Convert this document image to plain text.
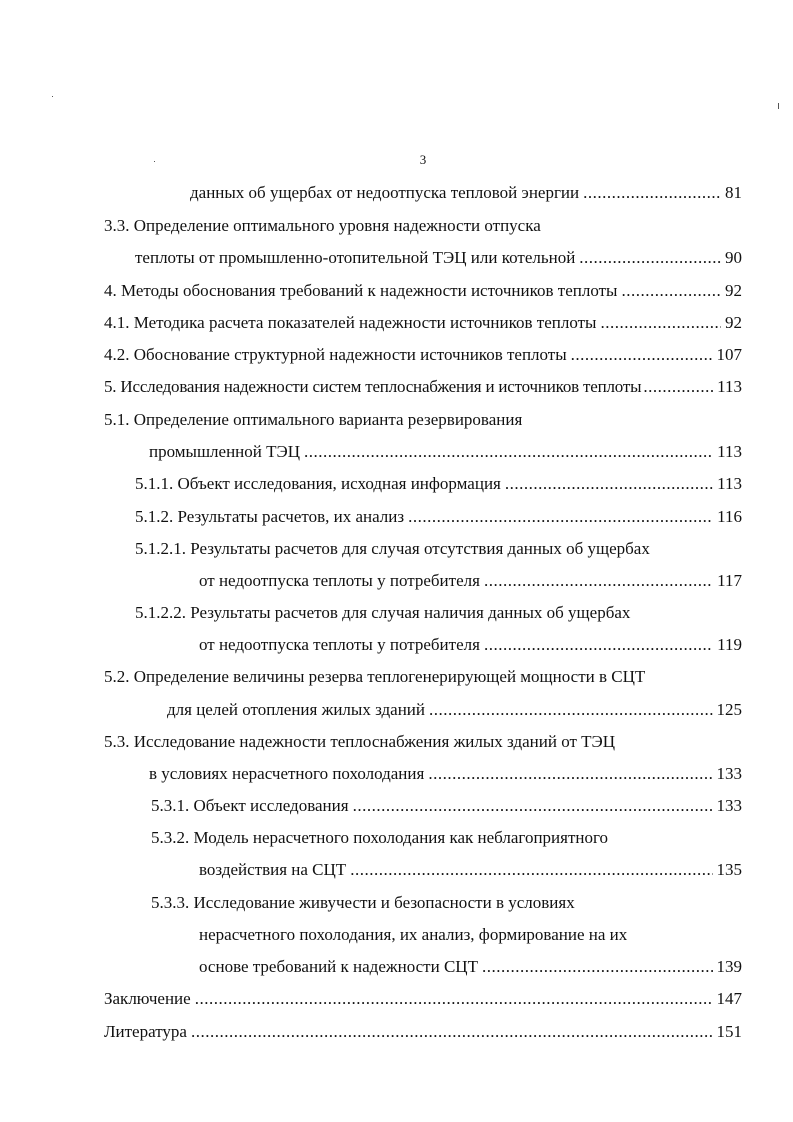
3
данных об ущербах от недоотпуска тепловой энергии .....	81
3.3. Определение оптимального уровня надежности отпуска
теплоты от промышленно-отопительной ТЭЦ или котельной .....	90
4. Методы обоснования требований к надежности источников теплоты .....	92
4.1. Методика расчета показателей надежности источников теплоты .....	92
4.2. Обоснование структурной надежности источников теплоты .....	107
5. Исследования надежности систем теплоснабжения и источников теплоты .....	113
5.1. Определение оптимального варианта резервирования
промышленной ТЭЦ .....	113
5.1.1. Объект исследования, исходная информация .....	113
5.1.2. Результаты расчетов, их анализ .....	116
5.1.2.1. Результаты расчетов для случая отсутствия данных об ущербах
от недоотпуска теплоты у потребителя .....	117
5.1.2.2. Результаты расчетов для случая наличия данных об ущербах
от недоотпуска теплоты у потребителя .....	119
5.2. Определение величины резерва теплогенерирующей мощности в СЦТ
для целей отопления жилых зданий .....	125
5.3. Исследование надежности теплоснабжения жилых зданий от ТЭЦ
в условиях нерасчетного похолодания .....	133
5.3.1. Объект исследования .....	133
5.3.2. Модель нерасчетного похолодания как неблагоприятного
воздействия на СЦТ .....	135
5.3.3. Исследование живучести и безопасности в условиях
нерасчетного похолодания, их анализ, формирование на их
основе требований к надежности СЦТ .....	139
Заключение .....	147
Литература .....	151
